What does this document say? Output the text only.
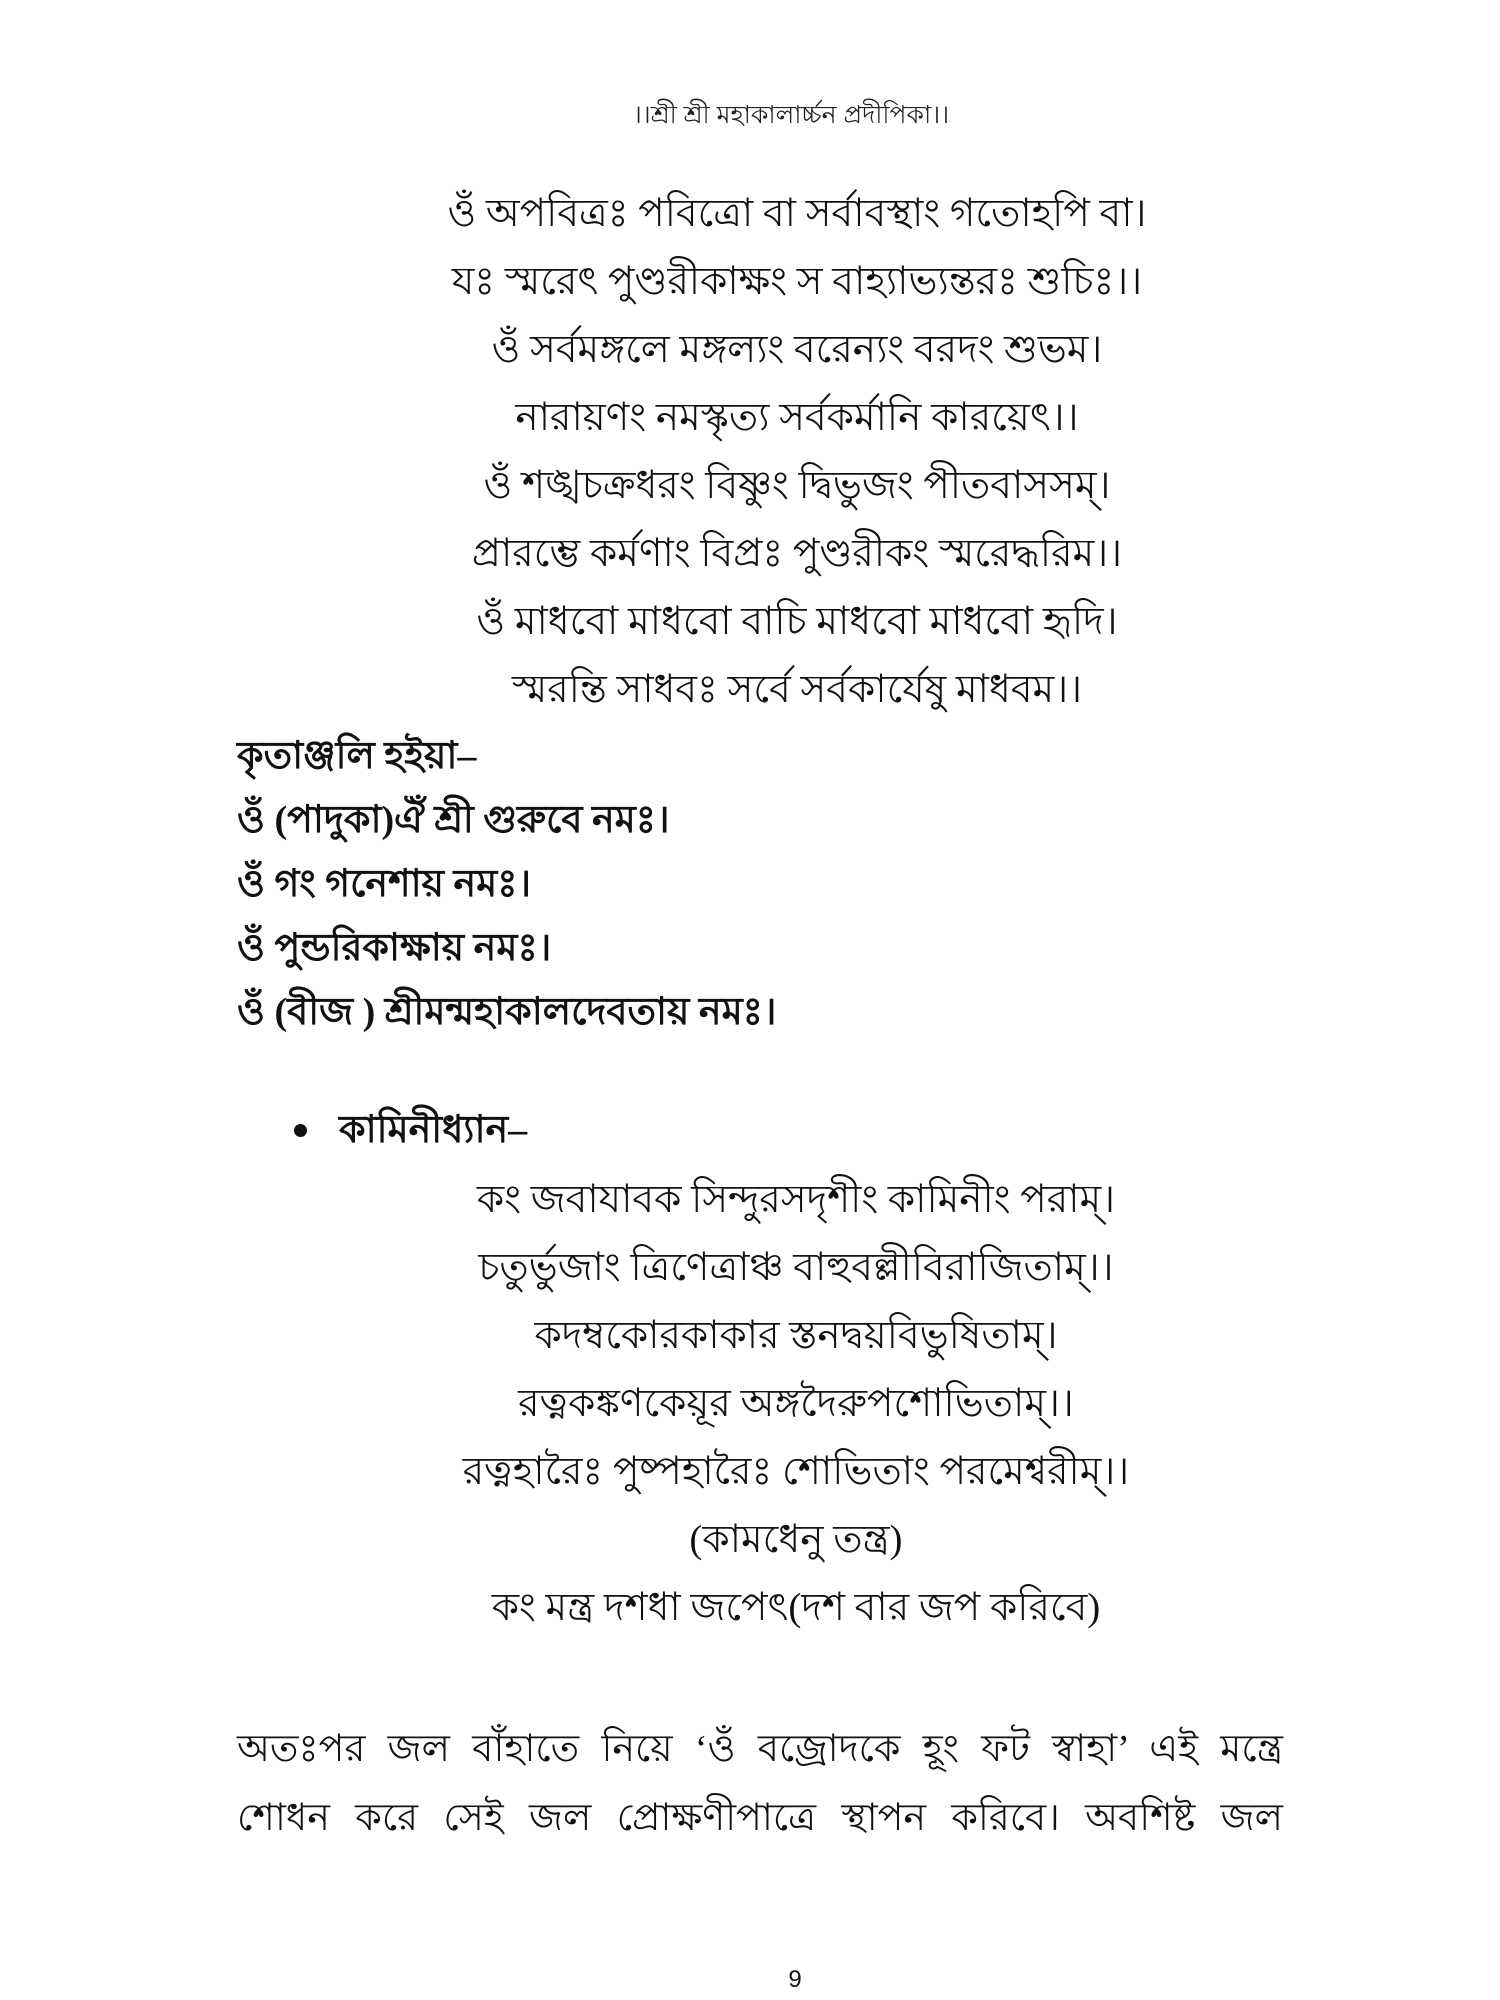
।।শ্রী শ্রী মহাকালার্চ্চন প্রদীপিকা।।
ওঁ অপবিত্রঃ পবিত্রো বা সর্বাবস্থাং গতোহপি বা।
যঃ স্মরেৎ পুণ্ডরীকাক্ষং স বাহ্যাভ্যন্তরঃ শুচিঃ।।
ওঁ সর্বমঙ্গলে মঙ্গল্যং বরেন্যং বরদং শুভম।
নারায়ণং নমস্কৃত্য সর্বকর্মানি কারয়েৎ।।
ওঁ শঙ্খচক্রধরং বিষ্ণুং দ্বিভুজং পীতবাসসম্।
প্রারম্ভে কর্মণাং বিপ্রঃ পুণ্ডরীকং স্মরেদ্ধরিম।।
ওঁ মাধবো মাধবো বাচি মাধবো মাধবো হৃদি।
স্মরন্তি সাধবঃ সর্বে সর্বকার্যেষু মাধবম।।
কৃতাঞ্জলি হইয়া–
ওঁ (পাদুকা)ঐঁ শ্রী গুরুবে নমঃ।
ওঁ গং গনেশায় নমঃ।
ওঁ পুন্ডরিকাক্ষায় নমঃ।
ওঁ (বীজ ) শ্রীমন্মহাকালদেবতায় নমঃ।
কামিনীধ্যান–
কং জবাযাবক সিন্দুরসদৃশীং কামিনীং পরাম্।
চতুর্ভুজাং ত্রিণেত্রাঞ্চ বাহুবল্লীবিরাজিতাম্।।
কদম্বকোরকাকার স্তনদ্বয়বিভুষিতাম্।
রত্নকঙ্কণকেয়ূর অঙ্গদৈরুপশোভিতাম্।।
রত্নহারৈঃ পুষ্পহারৈঃ শোভিতাং পরমেশ্বরীম্।।
(কামধেনু তন্ত্র)
কং মন্ত্র দশধা জপেৎ(দশ বার জপ করিবে)
অতঃপর জল বাঁহাতে নিয়ে ‘ওঁ বজ্রোদকে হূং ফট স্বাহা’ এই মন্ত্রে
শোধন করে সেই জল প্রোক্ষণীপাত্রে স্থাপন করিবে। অবশিষ্ট জল
9
